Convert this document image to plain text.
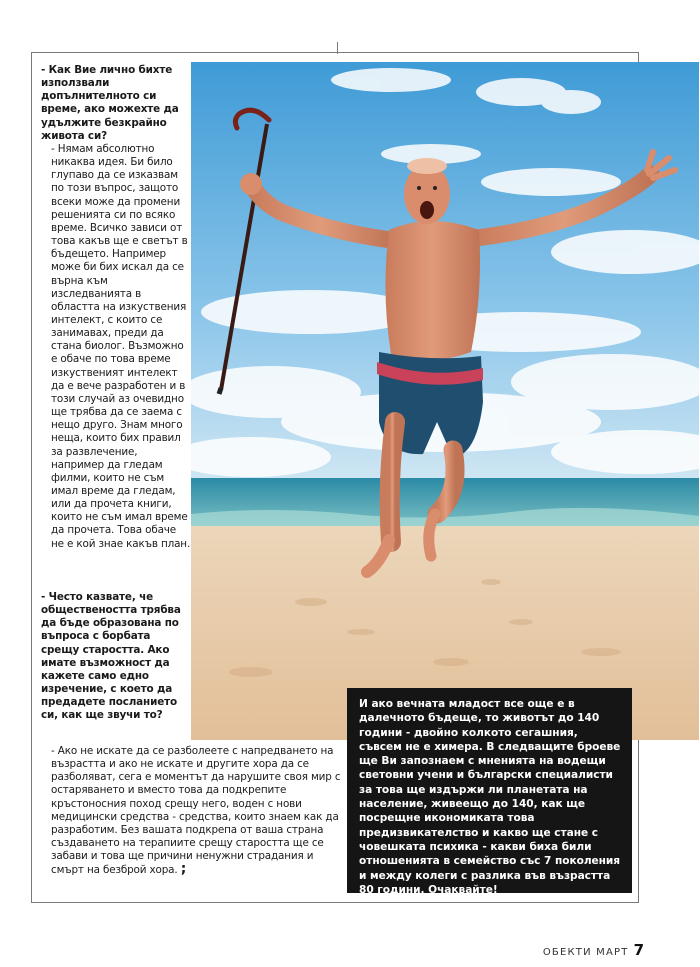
- Как Вие лично бихте използвали допълнителното си време, ако можехте да удължите безкрайно живота си?

- Нямам абсолютно никаква идея. Би било глупаво да се изказвам по този въпрос, защото всеки може да промени решенията си по всяко време. Всичко зависи от това какъв ще е светът в бъдещето. Например може би бих искал да се върна към изследванията в областта на изкуствения интелект, с които се занимавах, преди да стана биолог. Възможно е обаче по това време изкуственият интелект да е вече разработен и в този случай аз очевидно ще трябва да се заема с нещо друго. Знам много неща, които бих правил за развлечение, например да гледам филми, които не съм имал време да гледам, или да прочета книги, които не съм имал време да прочета. Това обаче не е кой знае какъв план.

- Често казвате, че обществеността трябва да бъде образована по въпроса с борбата срещу старостта. Ако имате възможност да кажете само едно изречение, с което да предадете посланието си, как ще звучи то?

- Ако не искате да се разболеете с напредването на възрастта и ако не искате и другите хора да се разболяват, сега е моментът да нарушите своя мир с остаряването и вместо това да подкрепите кръстоносния поход срещу него, воден с нови медицински средства - средства, които знаем как да разработим. Без вашата подкрепа от ваша страна създаването на терапиите срещу старостта ще се забави и това ще причини ненужни страдания и смърт на безброй хора. ;

И ако вечната младост все още е в далечното бъдеще, то животът до 140 години - двойно колкото сегашния, съвсем не е химера. В следващите броеве ще Ви запознаем с мненията на водещи световни учени и български специалисти за това ще издържи ли планетата на население, живеещо до 140, как ще посрещне икономиката това предизвикателство и какво ще стане с човешката психика - какви биха били отношенията в семейство със 7 поколения и между колеги с разлика във възрастта 80 години. Очаквайте!
ОБЕКТИ МАРТ 7
